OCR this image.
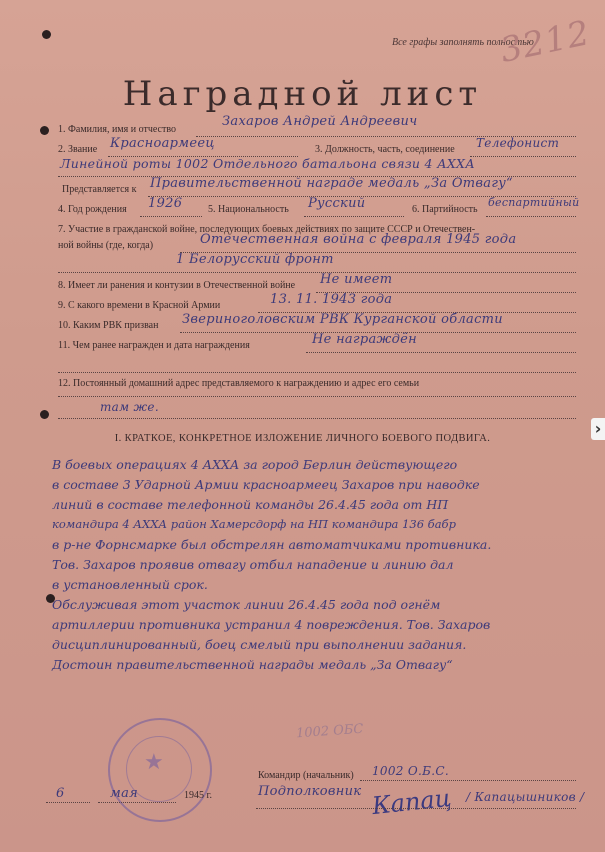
›
Все графы заполнять полностью.
3212
Наградной лист
1. Фамилия, имя и отчество
Захаров Андрей Андреевич
2. Звание Красноармеец	3. Должность, часть, соединение Телефонист
Линейной роты 1002 Отдельного батальона связи 4 АХХА
Представляется к Правительственной награде медаль „За Отвагу“
4. Год рождения 1926	5. Национальность Русский	6. Партийность
беспартийный
7. Участие в гражданской войне, последующих боевых действиях по защите СССР и Отечествен-
ной войны (где, когда)	Отечественная война с февраля 1945 года
1 Белорусский фронт
8. Имеет ли ранения и контузии в Отечественной войне Не имеет
9. С какого времени в Красной Армии	13. 11. 1943 года
10. Каким РВК призван Звериноголовским РВК Курганской области
11. Чем ранее награжден и дата награждения	Не награждён
12. Постоянный домашний адрес представляемого к награждению и адрес его семьи
там же.
I. КРАТКОЕ, КОНКРЕТНОЕ ИЗЛОЖЕНИЕ ЛИЧНОГО БОЕВОГО ПОДВИГА.
В боевых операциях 4 АХХА за город Берлин действующего
в составе 3 Ударной Армии красноармеец Захаров при наводке
линий в составе телефонной команды 26.4.45 года от НП
командира 4 АХХА район Хамерсдорф на НП командира 136 бабр
в р-не Форнсмарке был обстрелян автоматчиками противника.
Тов. Захаров проявив отвагу отбил нападение и линию дал
в установленный срок.
Обслуживая этот участок линии 26.4.45 года под огнём
артиллерии противника устранил 4 повреждения. Тов. Захаров
дисциплинированный, боец смелый при выполнении задания.
Достоин правительственной награды медаль „За Отвагу“
★
1002 ОБС
Командир (начальник) 1002 О.Б.С.
6	мая	1945 г.	Подполковник Капац / Капацышников /
